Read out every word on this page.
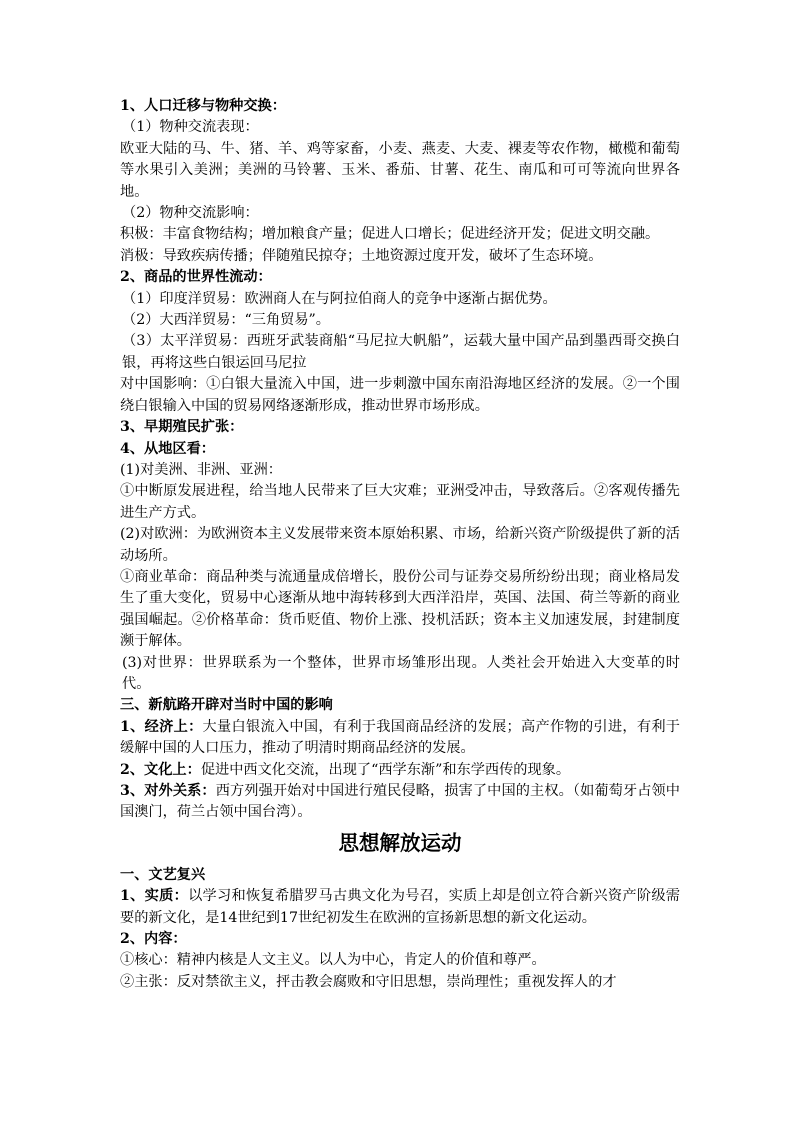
1、人口迁移与物种交换：
（1）物种交流表现：
欧亚大陆的马、牛、猪、羊、鸡等家畜，小麦、燕麦、大麦、裸麦等农作物，橄榄和葡萄等水果引入美洲；美洲的马铃薯、玉米、番茄、甘薯、花生、南瓜和可可等流向世界各地。
（2）物种交流影响：
积极：丰富食物结构；增加粮食产量；促进人口增长；促进经济开发；促进文明交融。
消极：导致疾病传播；伴随殖民掠夺；土地资源过度开发，破坏了生态环境。
2、商品的世界性流动：
（1）印度洋贸易：欧洲商人在与阿拉伯商人的竞争中逐渐占据优势。
（2）大西洋贸易：“三角贸易”。
（3）太平洋贸易：西班牙武装商船“马尼拉大帆船”，运载大量中国产品到墨西哥交换白银，再将这些白银运回马尼拉
对中国影响：①白银大量流入中国，进一步刺激中国东南沿海地区经济的发展。②一个围绕白银输入中国的贸易网络逐渐形成，推动世界市场形成。
3、早期殖民扩张：
4、从地区看：
(1)对美洲、非洲、亚洲：
①中断原发展进程，给当地人民带来了巨大灾难；亚洲受冲击，导致落后。②客观传播先进生产方式。
(2)对欧洲：为欧洲资本主义发展带来资本原始积累、市场，给新兴资产阶级提供了新的活动场所。
①商业革命：商品种类与流通量成倍增长，股份公司与证券交易所纷纷出现；商业格局发生了重大变化，贸易中心逐渐从地中海转移到大西洋沿岸，英国、法国、荷兰等新的商业强国崛起。②价格革命：货币贬值、物价上涨、投机活跃；资本主义加速发展，封建制度濒于解体。
(3)对世界：世界联系为一个整体，世界市场雏形出现。人类社会开始进入大变革的时代。
三、新航路开辟对当时中国的影响
1、经济上：大量白银流入中国，有利于我国商品经济的发展；高产作物的引进，有利于缓解中国的人口压力，推动了明清时期商品经济的发展。
2、文化上：促进中西文化交流，出现了“西学东渐”和东学西传的现象。
3、对外关系：西方列强开始对中国进行殖民侵略，损害了中国的主权。（如葡萄牙占领中国澳门，荷兰占领中国台湾）。
思想解放运动
一、文艺复兴
1、实质：以学习和恢复希腊罗马古典文化为号召，实质上却是创立符合新兴资产阶级需要的新文化，是14世纪到17世纪初发生在欧洲的宣扬新思想的新文化运动。
2、内容：
①核心：精神内核是人文主义。以人为中心，肯定人的价值和尊严。
②主张：反对禁欲主义，抨击教会腐败和守旧思想，崇尚理性；重视发挥人的才
